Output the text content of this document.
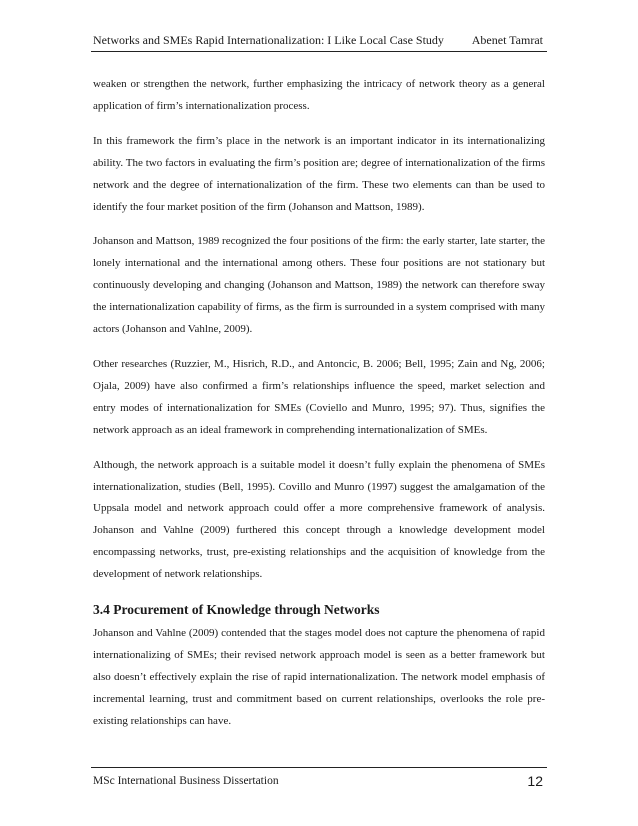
Networks and SMEs Rapid Internationalization: I Like Local Case Study Abenet Tamrat

weaken or strengthen the network, further emphasizing the intricacy of network theory as a general application of firm’s internationalization process.

In this framework the firm’s place in the network is an important indicator in its internationalizing ability. The two factors in evaluating the firm’s position are; degree of internationalization of the firms network and the degree of internationalization of the firm. These two elements can than be used to identify the four market position of the firm (Johanson and Mattson, 1989).

Johanson and Mattson, 1989 recognized the four positions of the firm: the early starter, late starter, the lonely international and the international among others. These four positions are not stationary but continuously developing and changing (Johanson and Mattson, 1989) the network can therefore sway the internationalization capability of firms, as the firm is surrounded in a system comprised with many actors (Johanson and Vahlne, 2009).

Other researches (Ruzzier, M., Hisrich, R.D., and Antoncic, B. 2006; Bell, 1995; Zain and Ng, 2006; Ojala, 2009) have also confirmed a firm’s relationships influence the speed, market selection and entry modes of internationalization for SMEs (Coviello and Munro, 1995; 97). Thus, signifies the network approach as an ideal framework in comprehending internationalization of SMEs.

Although, the network approach is a suitable model it doesn’t fully explain the phenomena of SMEs internationalization, studies (Bell, 1995). Covillo and Munro (1997) suggest the amalgamation of the Uppsala model and network approach could offer a more comprehensive framework of analysis. Johanson and Vahlne (2009) furthered this concept through a knowledge development model encompassing networks, trust, pre-existing relationships and the acquisition of knowledge from the development of network relationships.

3.4 Procurement of Knowledge through Networks

Johanson and Vahlne (2009) contended that the stages model does not capture the phenomena of rapid internationalizing of SMEs; their revised network approach model is seen as a better framework but also doesn’t effectively explain the rise of rapid internationalization. The network model emphasis of incremental learning, trust and commitment based on current relationships, overlooks the role pre-existing relationships can have.

MSc International Business Dissertation	12
